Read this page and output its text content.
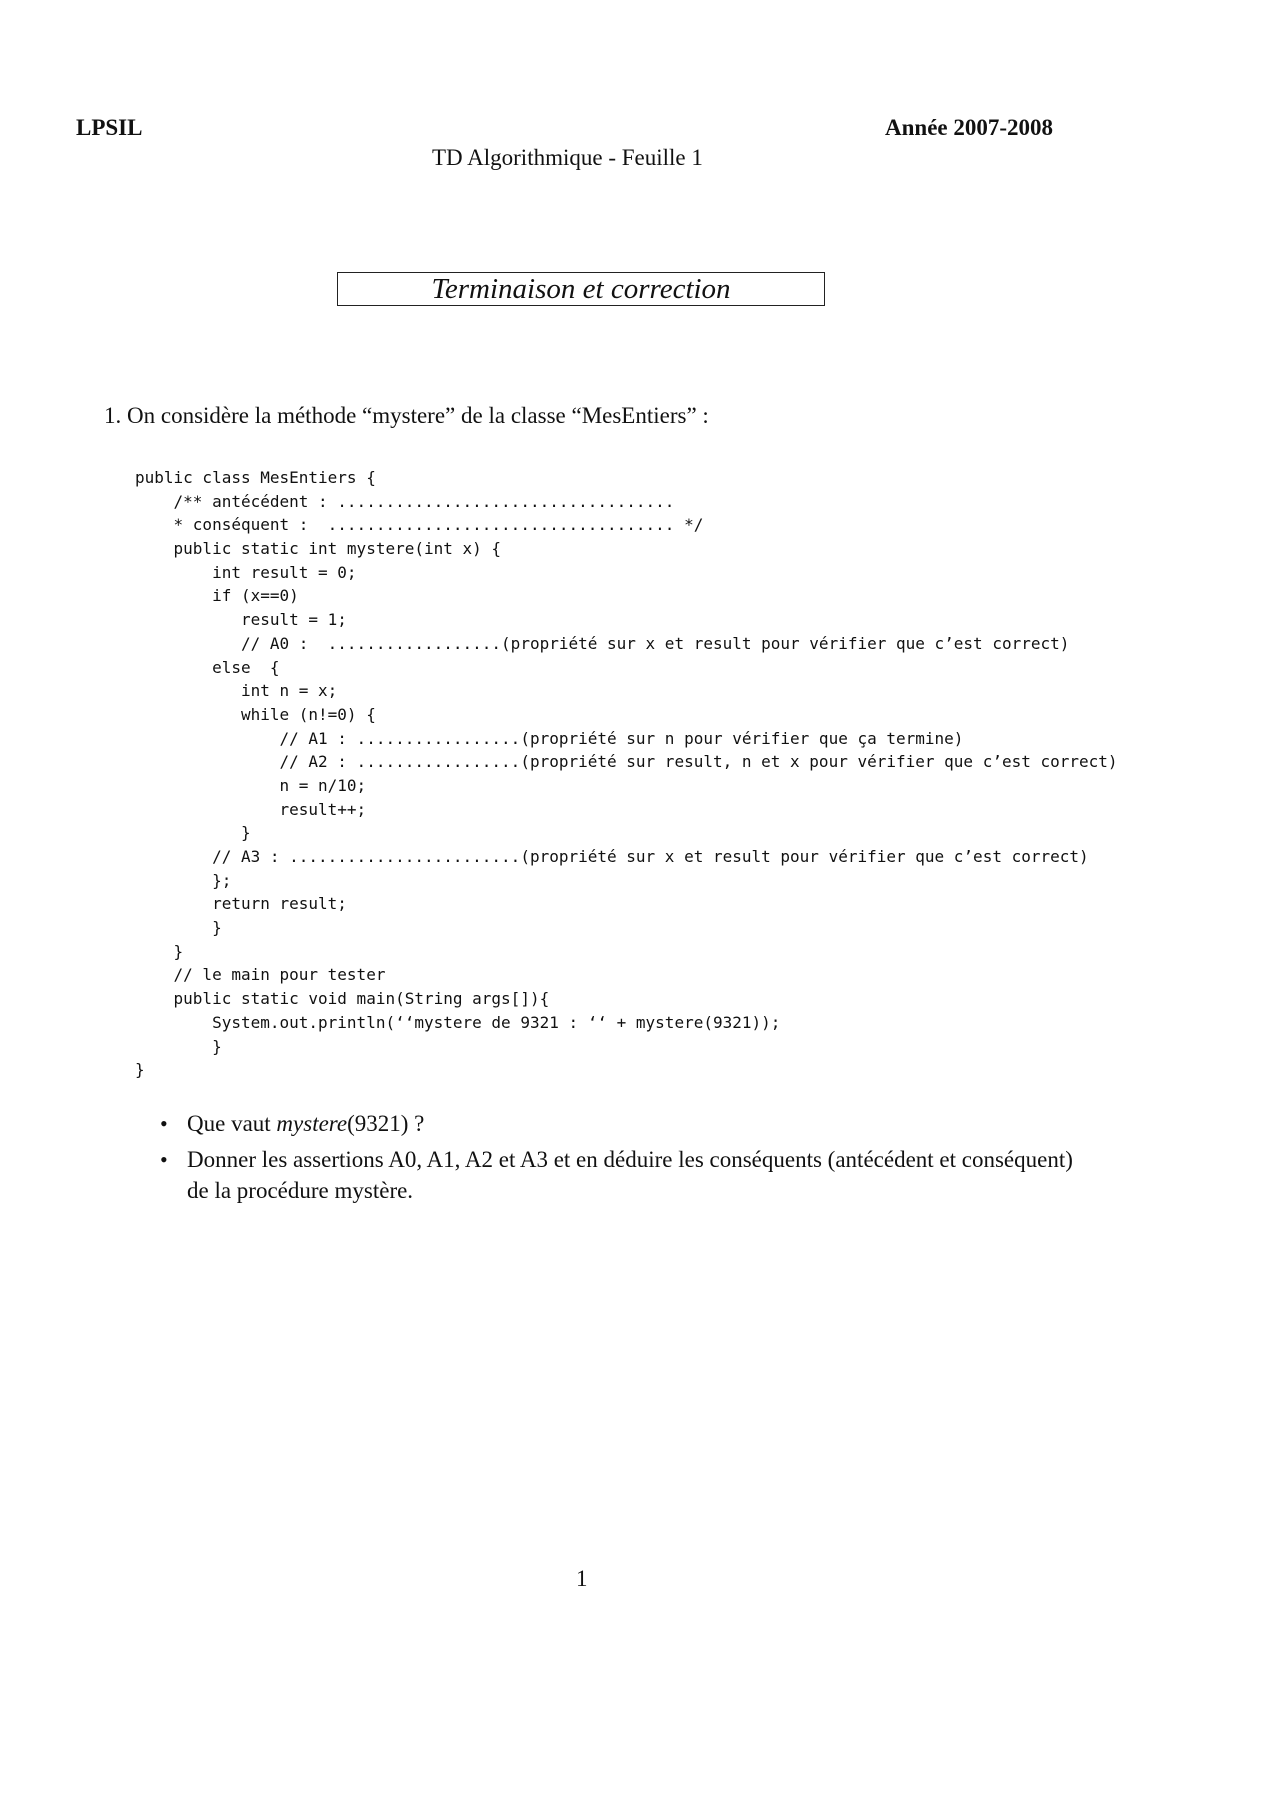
LPSIL	Année 2007-2008
TD Algorithmique - Feuille 1
Terminaison et correction
1. On considère la méthode “mystere” de la classe “MesEntiers” :
public class MesEntiers {
/** antécédent : ...................................
* conséquent :  .................................... */
public static int mystere(int x) {
int result = 0;
if (x==0)
result = 1;
// A0 :  ..................(propriété sur x et result pour vérifier que c’est correct)
else  {
int n = x;
while (n!=0) {
// A1 : .................(propriété sur n pour vérifier que ça termine)
// A2 : .................(propriété sur result, n et x pour vérifier que c’est correct)
n = n/10;
result++;
}
// A3 : ........................(propriété sur x et result pour vérifier que c’est correct)
};
return result;
}
}
// le main pour tester
public static void main(String args[]){
System.out.println(‘‘mystere de 9321 : ‘‘ + mystere(9321));
}
}
• Que vaut mystere(9321) ?
• Donner les assertions A0, A1, A2 et A3 et en déduire les conséquents (antécédent et conséquent) de la procédure mystère.
1
